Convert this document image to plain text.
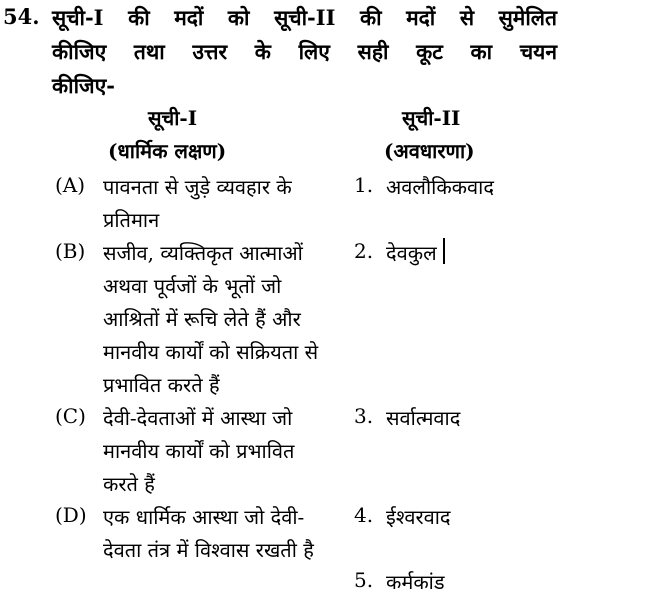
54. सूची-I की मदों को सूची-II की मदों से सुमेलित
कीजिए तथा उत्तर के लिए सही कूट का चयन
कीजिए-
सूची-I
(धार्मिक लक्षण)
सूची-II
(अवधारणा)
(A) पावनता से जुड़े व्यवहार के
प्रतिमान
(B) सजीव, व्यक्तिकृत आत्माओं
अथवा पूर्वजों के भूतों जो
आश्रितों में रूचि लेते हैं और
मानवीय कार्यों को सक्रियता से
प्रभावित करते हैं
(C) देवी-देवताओं में आस्था जो
मानवीय कार्यों को प्रभावित
करते हैं
(D) एक धार्मिक आस्था जो देवी-
देवता तंत्र में विश्वास रखती है
1. अवलौकिकवाद
2. देवकुल
3. सर्वात्मवाद
4. ईश्वरवाद
5. कर्मकांड
